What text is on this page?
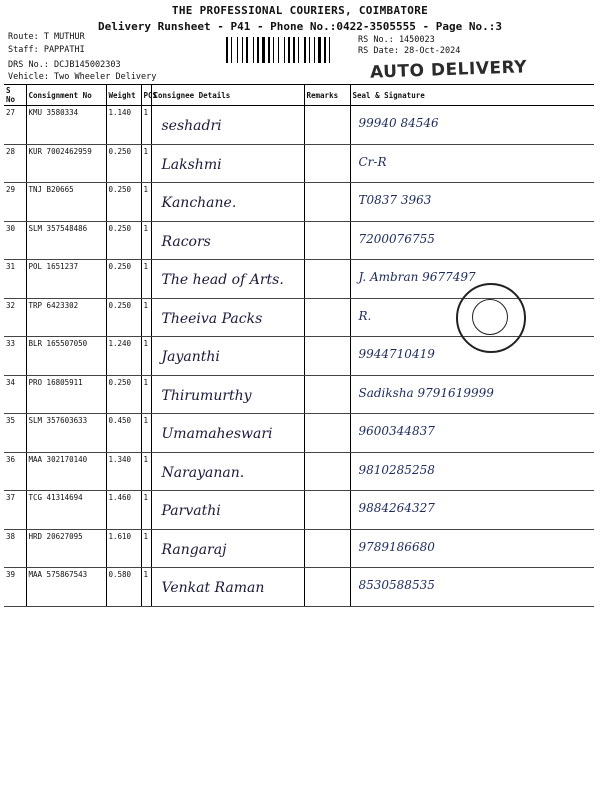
THE PROFESSIONAL COURIERS, COIMBATORE
Delivery Runsheet - P41 - Phone No.:0422-3505555 - Page No.:3
Route: T MUTHUR
Staff: PAPPATHI
DRS No.: DCJB145002303
Vehicle: Two Wheeler Delivery
RS No.: 1450023
RS Date: 28-Oct-2024
AUTO DELIVERY
S No	Consignment No	Weight	PCS	Consignee Details	Remarks	Seal & Signature
27	KMU 3580334	1.140	1	seshadri		99940 84546

28	KUR 7002462959	0.250	1	Lakshmi		Cr-R

29	TNJ B20665	0.250	1	Kanchane.		T0837 3963

30	SLM 357548486	0.250	1	Racors		7200076755

31	POL 1651237	0.250	1	The head of Arts.		J. Ambran 9677497

32	TRP 6423302	0.250	1	Theeiva Packs		R.

33	BLR 165507050	1.240	1	Jayanthi		9944710419

34	PRO 16805911	0.250	1	Thirumurthy		Sadiksha 9791619999

35	SLM 357603633	0.450	1	Umamaheswari		9600344837

36	MAA 302170140	1.340	1	Narayanan.		9810285258

37	TCG 41314694	1.460	1	Parvathi		9884264327

38	HRD 20627095	1.610	1	Rangaraj		9789186680

39	MAA 575867543	0.580	1	Venkat Raman		8530588535
